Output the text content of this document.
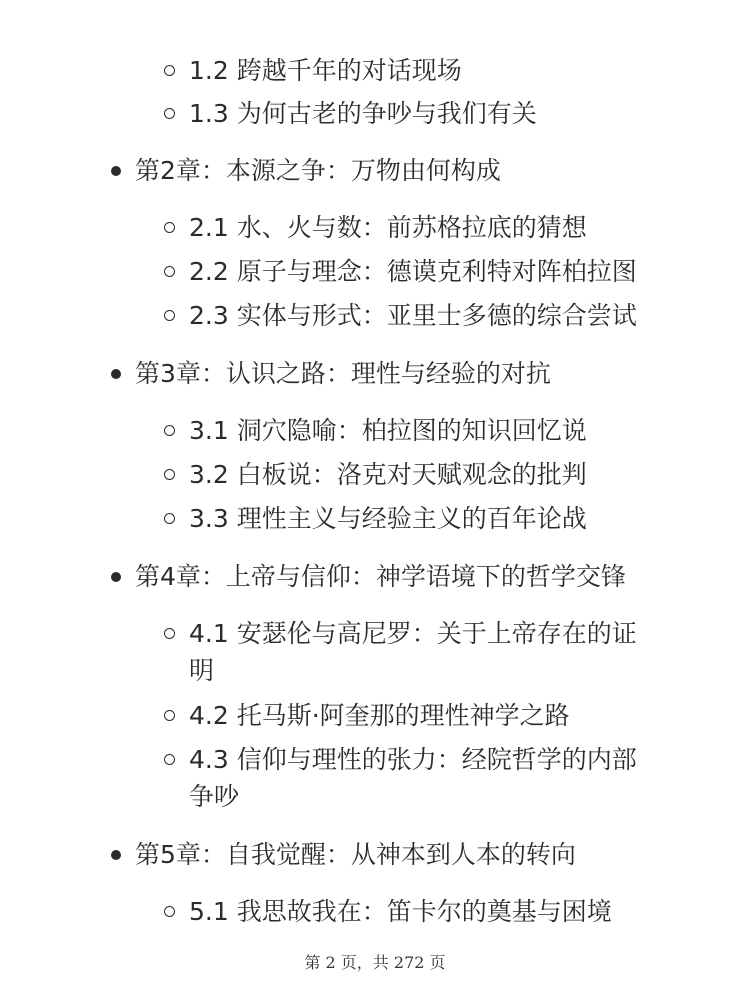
1.2 跨越千年的对话现场
1.3 为何古老的争吵与我们有关
第2章：本源之争：万物由何构成
2.1 水、火与数：前苏格拉底的猜想
2.2 原子与理念：德谟克利特对阵柏拉图
2.3 实体与形式：亚里士多德的综合尝试
第3章：认识之路：理性与经验的对抗
3.1 洞穴隐喻：柏拉图的知识回忆说
3.2 白板说：洛克对天赋观念的批判
3.3 理性主义与经验主义的百年论战
第4章：上帝与信仰：神学语境下的哲学交锋
4.1 安瑟伦与高尼罗：关于上帝存在的证
明
4.2 托马斯·阿奎那的理性神学之路
4.3 信仰与理性的张力：经院哲学的内部
争吵
第5章：自我觉醒：从神本到人本的转向
5.1 我思故我在：笛卡尔的奠基与困境
第 2 页，共 272 页
